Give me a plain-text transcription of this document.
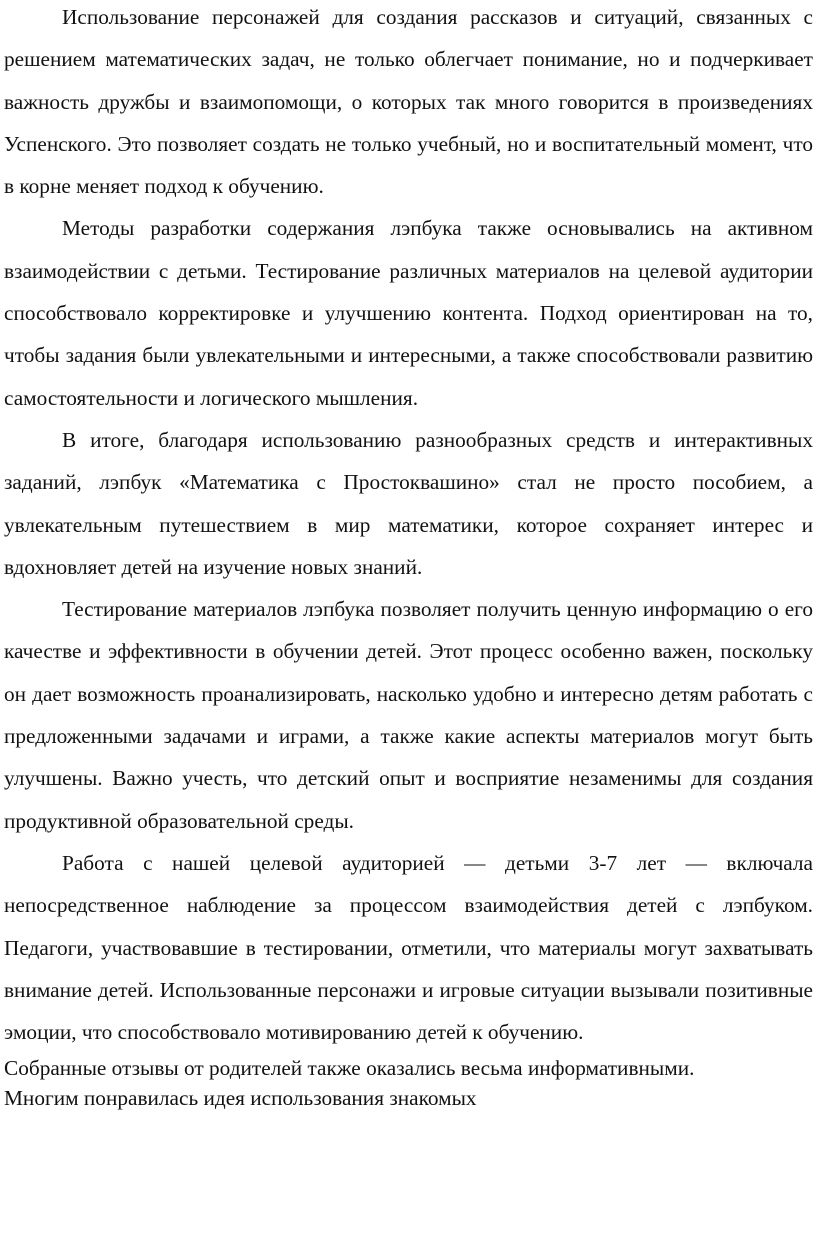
Использование персонажей для создания рассказов и ситуаций, связанных с решением математических задач, не только облегчает понимание, но и подчеркивает важность дружбы и взаимопомощи, о которых так много говорится в произведениях Успенского. Это позволяет создать не только учебный, но и воспитательный момент, что в корне меняет подход к обучению.

Методы разработки содержания лэпбука также основывались на активном взаимодействии с детьми. Тестирование различных материалов на целевой аудитории способствовало корректировке и улучшению контента. Подход ориентирован на то, чтобы задания были увлекательными и интересными, а также способствовали развитию самостоятельности и логического мышления.

В итоге, благодаря использованию разнообразных средств и интерактивных заданий, лэпбук «Математика с Простоквашино» стал не просто пособием, а увлекательным путешествием в мир математики, которое сохраняет интерес и вдохновляет детей на изучение новых знаний.

Тестирование материалов лэпбука позволяет получить ценную информацию о его качестве и эффективности в обучении детей. Этот процесс особенно важен, поскольку он дает возможность проанализировать, насколько удобно и интересно детям работать с предложенными задачами и играми, а также какие аспекты материалов могут быть улучшены. Важно учесть, что детский опыт и восприятие незаменимы для создания продуктивной образовательной среды.

Работа с нашей целевой аудиторией — детьми 3-7 лет — включала непосредственное наблюдение за процессом взаимодействия детей с лэпбуком. Педагоги, участвовавшие в тестировании, отметили, что материалы могут захватывать внимание детей. Использованные персонажи и игровые ситуации вызывали позитивные эмоции, что способствовало мотивированию детей к обучению.

Собранные отзывы от родителей также оказались весьма информативными.

Многим понравилась идея использования знакомых
